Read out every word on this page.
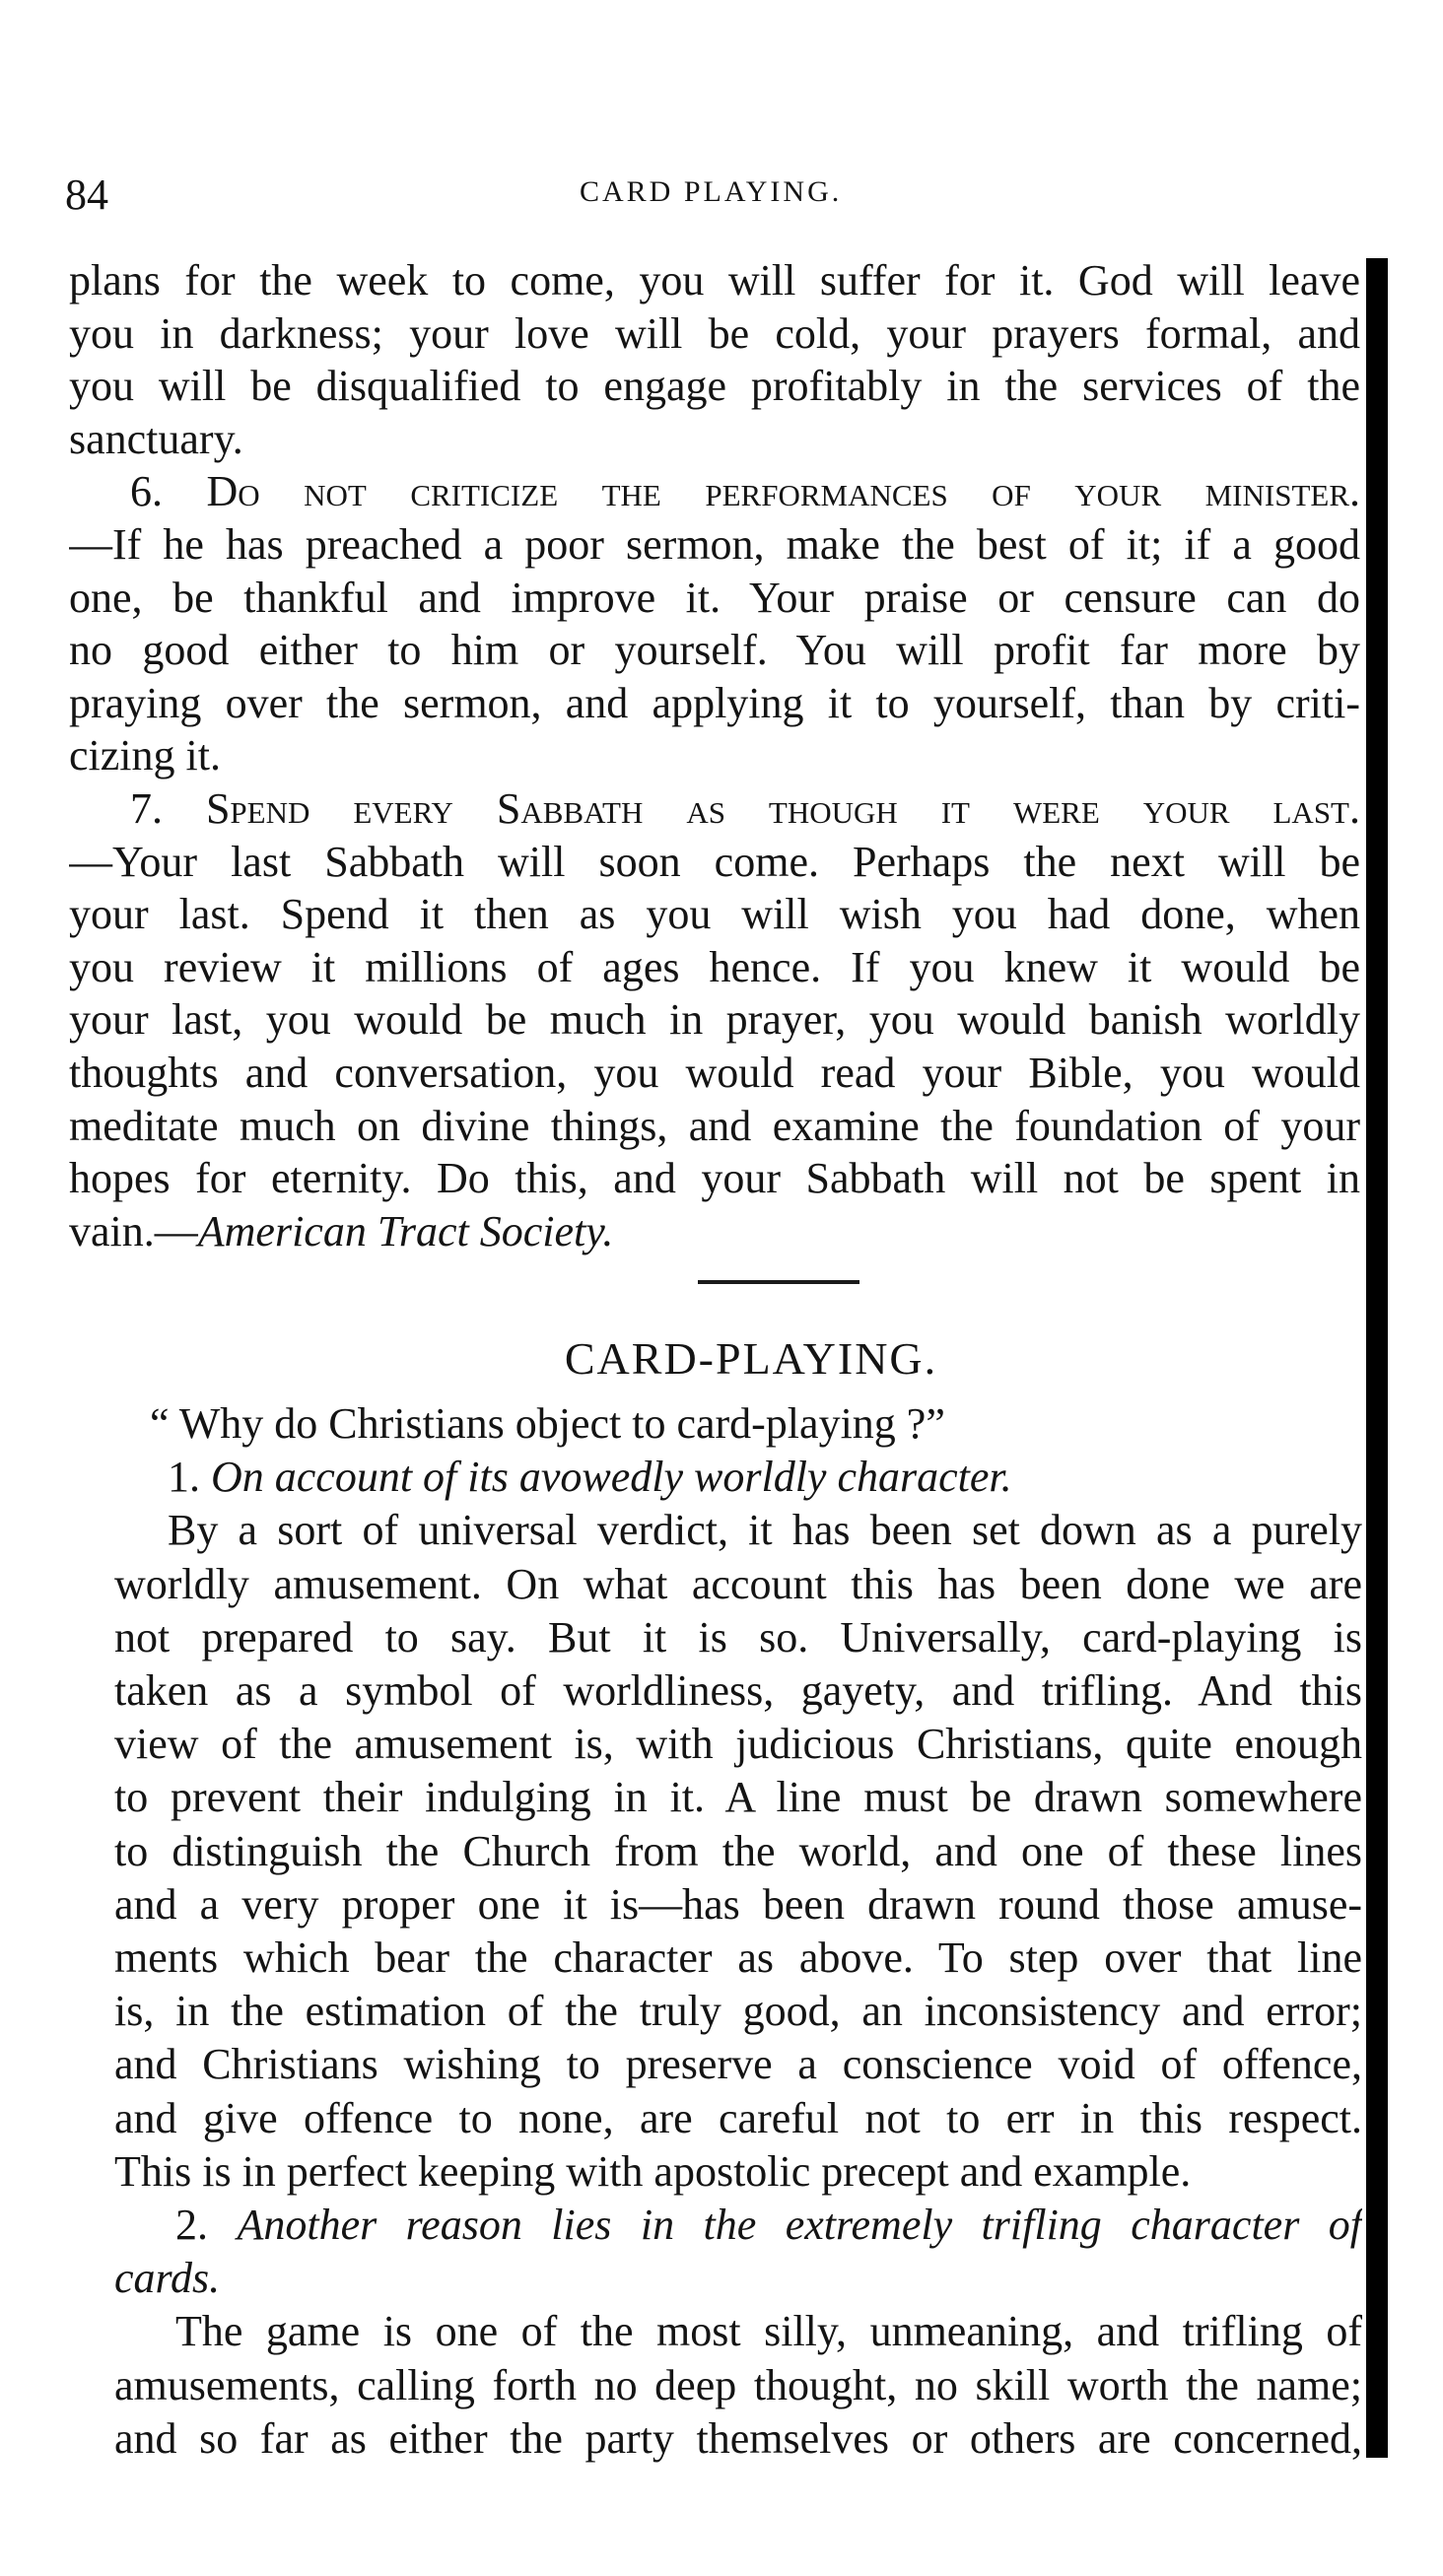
84	CARD PLAYING.
plans for the week to come, you will suffer for it. God will leave
you in darkness; your love will be cold, your prayers formal, and
you will be disqualified to engage profitably in the services of the
sanctuary.
6. Do not criticize the performances of your minister.
—If he has preached a poor sermon, make the best of it; if a good
one, be thankful and improve it. Your praise or censure can do
no good either to him or yourself. You will profit far more by
praying over the sermon, and applying it to yourself, than by criti-
cizing it.
7. Spend every Sabbath as though it were your last.
—Your last Sabbath will soon come. Perhaps the next will be
your last. Spend it then as you will wish you had done, when
you review it millions of ages hence. If you knew it would be
your last, you would be much in prayer, you would banish worldly
thoughts and conversation, you would read your Bible, you would
meditate much on divine things, and examine the foundation of your
hopes for eternity. Do this, and your Sabbath will not be spent in
vain.—American Tract Society.
CARD-PLAYING.
“ Why do Christians object to card-playing ?”
1. On account of its avowedly worldly character.
By a sort of universal verdict, it has been set down as a purely
worldly amusement. On what account this has been done we are
not prepared to say. But it is so. Universally, card-playing is
taken as a symbol of worldliness, gayety, and trifling. And this
view of the amusement is, with judicious Christians, quite enough
to prevent their indulging in it. A line must be drawn somewhere
to distinguish the Church from the world, and one of these lines
and a very proper one it is—has been drawn round those amuse-
ments which bear the character as above. To step over that line
is, in the estimation of the truly good, an inconsistency and error;
and Christians wishing to preserve a conscience void of offence,
and give offence to none, are careful not to err in this respect.
This is in perfect keeping with apostolic precept and example.
2. Another reason lies in the extremely trifling character of
cards.
The game is one of the most silly, unmeaning, and trifling of
amusements, calling forth no deep thought, no skill worth the name;
and so far as either the party themselves or others are concerned,
